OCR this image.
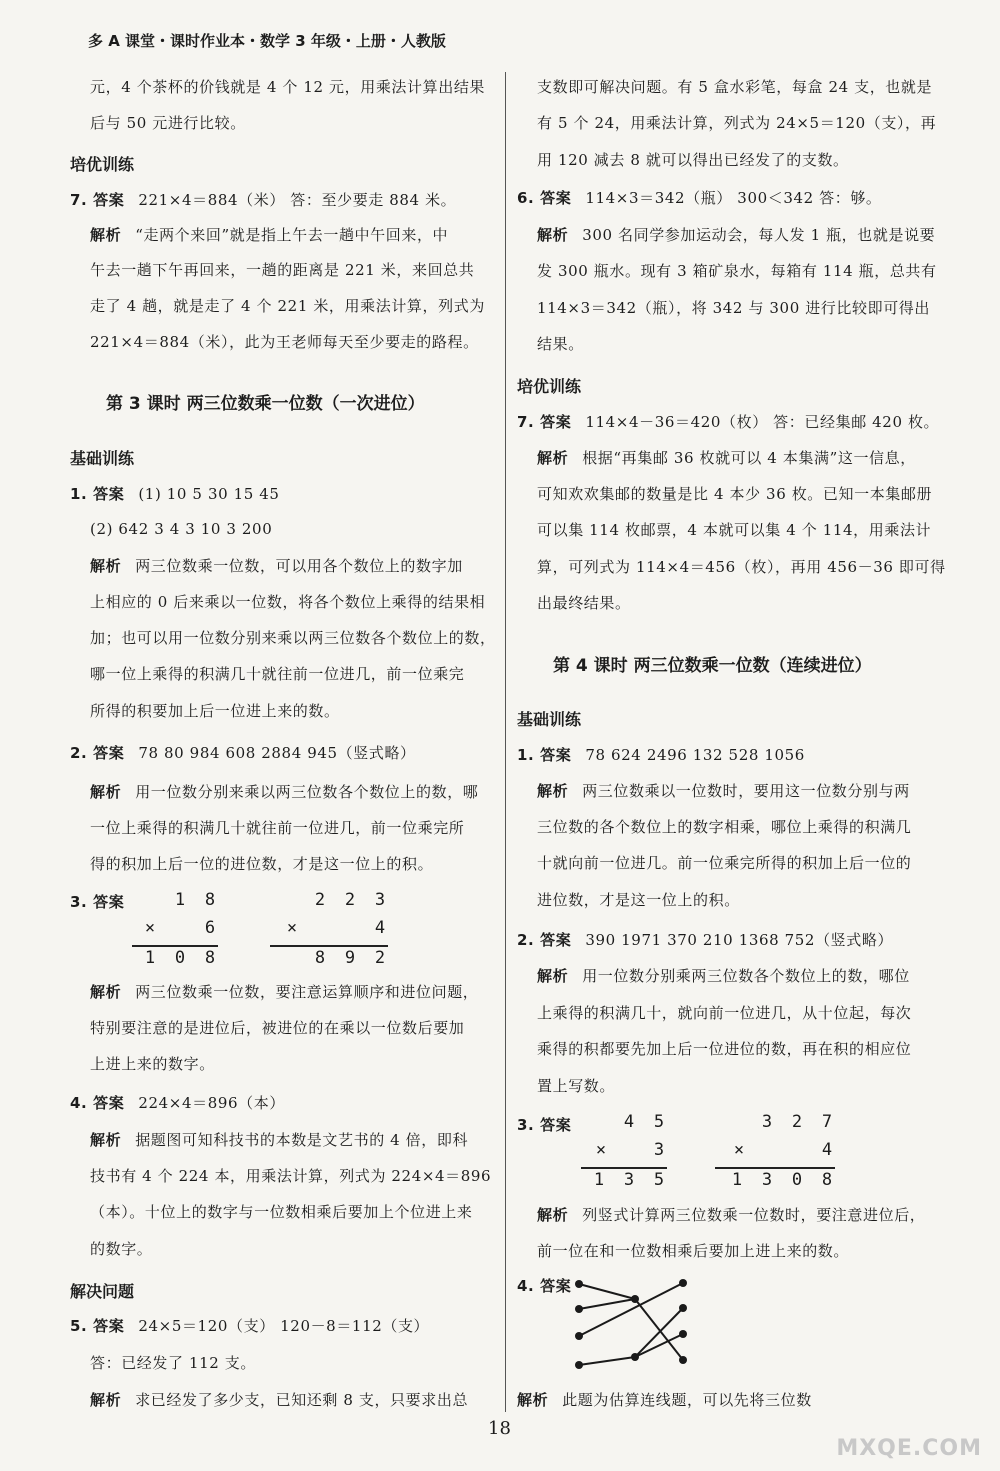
多 A 课堂・课时作业本・数学 3 年级・上册・人教版
元，4 个茶杯的价钱就是 4 个 12 元，用乘法计算出结果
后与 50 元进行比较。
培优训练
7. 答案 221×4＝884（米） 答：至少要走 884 米。
解析 “走两个来回”就是指上午去一趟中午回来，中
午去一趟下午再回来，一趟的距离是 221 米，来回总共
走了 4 趟，就是走了 4 个 221 米，用乘法计算，列式为
221×4＝884（米），此为王老师每天至少要走的路程。
第 3 课时 两三位数乘一位数（一次进位）
基础训练
1. 答案 (1) 10 5 30 15 45
(2) 642 3 4 3 10 3 200
解析 两三位数乘一位数，可以用各个数位上的数字加
上相应的 0 后来乘以一位数，将各个数位上乘得的结果相
加；也可以用一位数分别来乘以两三位数各个数位上的数，
哪一位上乘得的积满几十就往前一位进几，前一位乘完
所得的积要加上后一位进上来的数。
2. 答案 78 80 984 608 2884 945（竖式略）
解析 用一位数分别来乘以两三位数各个数位上的数，哪
一位上乘得的积满几十就往前一位进几，前一位乘完所
得的积加上后一位的进位数，才是这一位上的积。
3. 答案	1 8
×	6
1 0 8
2 2 3
×	4
8 9 2
解析 两三位数乘一位数，要注意运算顺序和进位问题，
特别要注意的是进位后，被进位的在乘以一位数后要加
上进上来的数字。
4. 答案 224×4＝896（本）
解析 据题图可知科技书的本数是文艺书的 4 倍，即科
技书有 4 个 224 本，用乘法计算，列式为 224×4＝896
（本）。十位上的数字与一位数相乘后要加上个位进上来
的数字。
解决问题
5. 答案 24×5＝120（支） 120－8＝112（支）
答：已经发了 112 支。
解析 求已经发了多少支，已知还剩 8 支，只要求出总
支数即可解决问题。有 5 盒水彩笔，每盒 24 支，也就是
有 5 个 24，用乘法计算，列式为 24×5＝120（支），再
用 120 减去 8 就可以得出已经发了的支数。
6. 答案 114×3＝342（瓶） 300＜342 答：够。
解析 300 名同学参加运动会，每人发 1 瓶，也就是说要
发 300 瓶水。现有 3 箱矿泉水，每箱有 114 瓶，总共有
114×3＝342（瓶），将 342 与 300 进行比较即可得出
结果。
培优训练
7. 答案 114×4－36＝420（枚） 答：已经集邮 420 枚。
解析 根据“再集邮 36 枚就可以 4 本集满”这一信息，
可知欢欢集邮的数量是比 4 本少 36 枚。已知一本集邮册
可以集 114 枚邮票，4 本就可以集 4 个 114，用乘法计
算，可列式为 114×4＝456（枚），再用 456－36 即可得
出最终结果。
第 4 课时 两三位数乘一位数（连续进位）
基础训练
1. 答案 78 624 2496 132 528 1056
解析 两三位数乘以一位数时，要用这一位数分别与两
三位数的各个数位上的数字相乘，哪位上乘得的积满几
十就向前一位进几。前一位乘完所得的积加上后一位的
进位数，才是这一位上的积。
2. 答案 390 1971 370 210 1368 752（竖式略）
解析 用一位数分别乘两三位数各个数位上的数，哪位
上乘得的积满几十，就向前一位进几，从十位起，每次
乘得的积都要先加上后一位进位的数，再在积的相应位
置上写数。
3. 答案	4 5
×	3
1 3 5
3 2 7
×	4
1 3 0 8
解析 列竖式计算两三位数乘一位数时，要注意进位后，
前一位在和一位数相乘后要加上进上来的数。
4. 答案
解析 此题为估算连线题，可以先将三位数
18
MXQE.COM
